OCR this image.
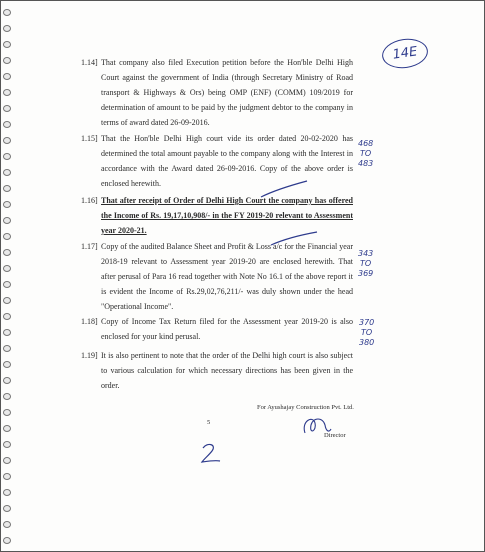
14E
1.14] That company also filed Execution petition before the Hon'ble Delhi High Court against the government of India (through Secretary Ministry of Road transport & Highways & Ors) being OMP (ENF) (COMM) 109/2019 for determination of amount to be paid by the judgment debtor to the company in terms of award dated 26-09-2016.
1.15] That the Hon'ble Delhi High court vide its order dated 20-02-2020 has determined the total amount payable to the company along with the Interest in accordance with the Award dated 26-09-2016. Copy of the above order is enclosed herewith.
1.16] That after receipt of Order of Delhi High Court the company has offered the Income of Rs. 19,17,10,908/- in the FY 2019-20 relevant to Assessment year 2020-21.
1.17] Copy of the audited Balance Sheet and Profit & Loss a/c for the Financial year 2018-19 relevant to Assessment year 2019-20 are enclosed herewith. That after perusal of Para 16 read together with Note No 16.1 of the above report it is evident the Income of Rs.29,02,76,211/- was duly shown under the head "Operational Income".
1.18] Copy of Income Tax Return filed for the Assessment year 2019-20 is also enclosed for your kind perusal.
1.19] It is also pertinent to note that the order of the Delhi high court is also subject to various calculation for which necessary directions has been given in the order.
468
TO
483
343
TO
369
370
TO
380
For Ayushajay Construction Pvt. Ltd.
Director
5
